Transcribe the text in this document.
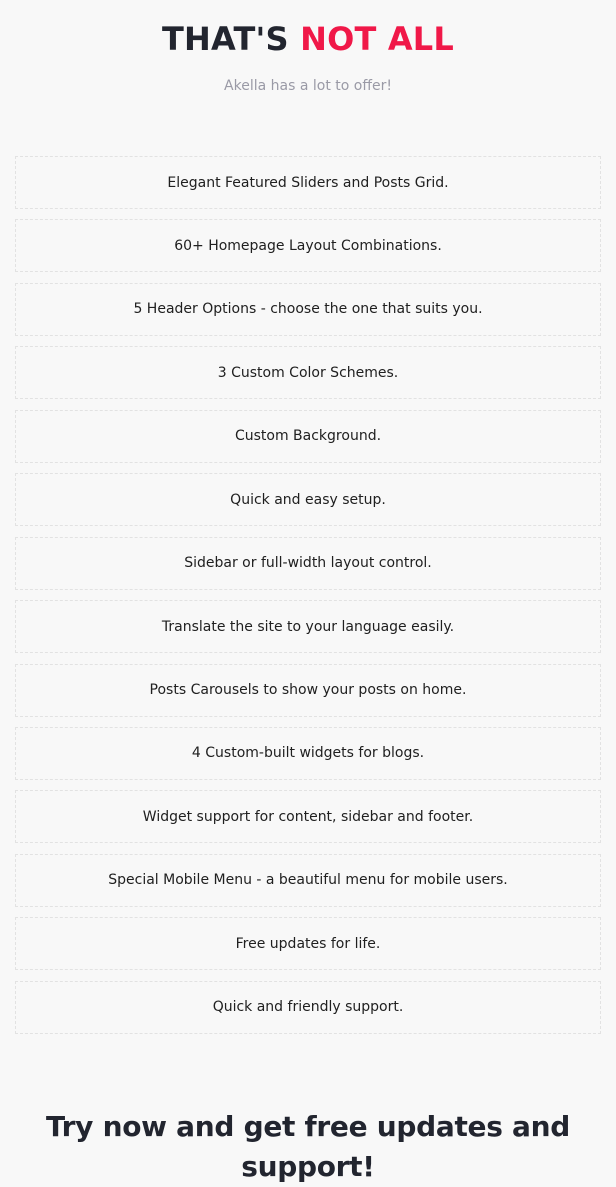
THAT'S NOT ALL

Akella has a lot to offer!

Elegant Featured Sliders and Posts Grid.
60+ Homepage Layout Combinations.
5 Header Options - choose the one that suits you.
3 Custom Color Schemes.
Custom Background.
Quick and easy setup.
Sidebar or full-width layout control.
Translate the site to your language easily.
Posts Carousels to show your posts on home.
4 Custom-built widgets for blogs.
Widget support for content, sidebar and footer.
Special Mobile Menu - a beautiful menu for mobile users.
Free updates for life.
Quick and friendly support.
Try now and get free updates and support!
